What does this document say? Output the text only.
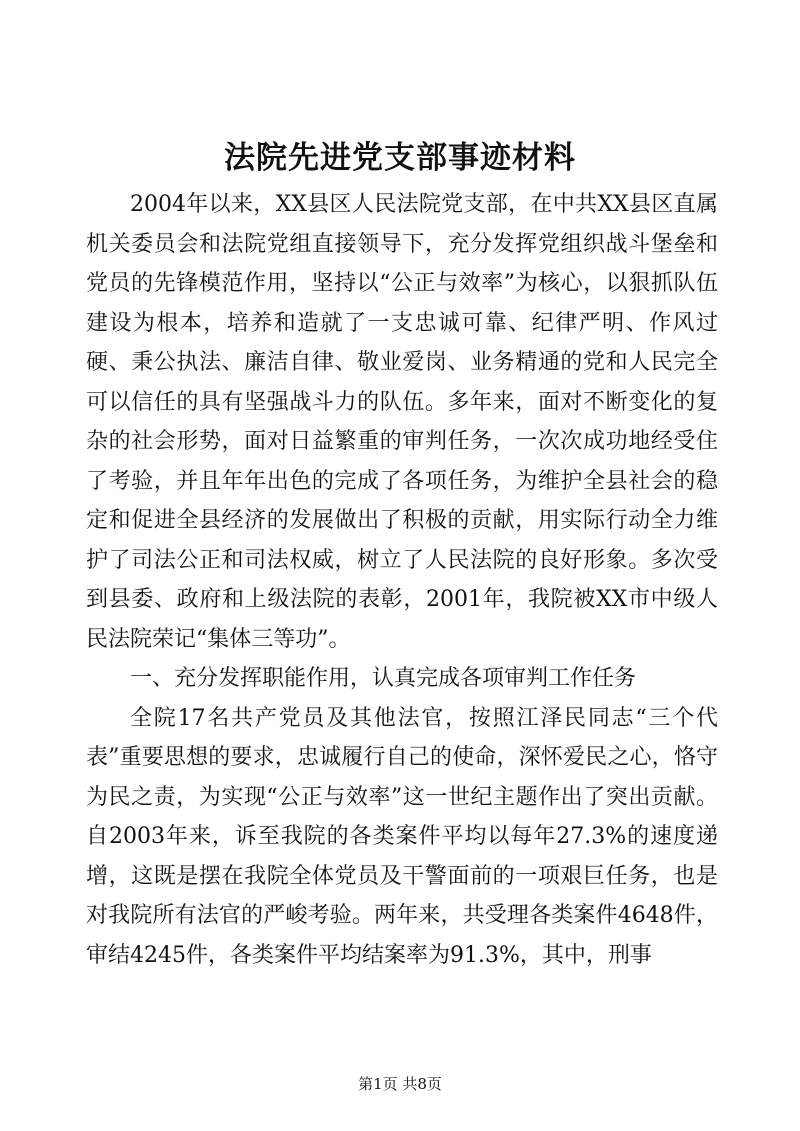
法院先进党支部事迹材料

2004年以来，XX县区人民法院党支部，在中共XX县区直属机关委员会和法院党组直接领导下，充分发挥党组织战斗堡垒和党员的先锋模范作用，坚持以“公正与效率”为核心，以狠抓队伍建设为根本，培养和造就了一支忠诚可靠、纪律严明、作风过硬、秉公执法、廉洁自律、敬业爱岗、业务精通的党和人民完全可以信任的具有坚强战斗力的队伍。多年来，面对不断变化的复杂的社会形势，面对日益繁重的审判任务，一次次成功地经受住了考验，并且年年出色的完成了各项任务，为维护全县社会的稳定和促进全县经济的发展做出了积极的贡献，用实际行动全力维护了司法公正和司法权威，树立了人民法院的良好形象。多次受到县委、政府和上级法院的表彰，2001年，我院被XX市中级人民法院荣记“集体三等功”。

一、充分发挥职能作用，认真完成各项审判工作任务

全院17名共产党员及其他法官，按照江泽民同志“三个代表”重要思想的要求，忠诚履行自己的使命，深怀爱民之心，恪守为民之责，为实现“公正与效率”这一世纪主题作出了突出贡献。自2003年来，诉至我院的各类案件平均以每年27.3%的速度递增，这既是摆在我院全体党员及干警面前的一项艰巨任务，也是对我院所有法官的严峻考验。两年来，共受理各类案件4648件，审结4245件，各类案件平均结案率为91.3%，其中，刑事

第1页 共8页
